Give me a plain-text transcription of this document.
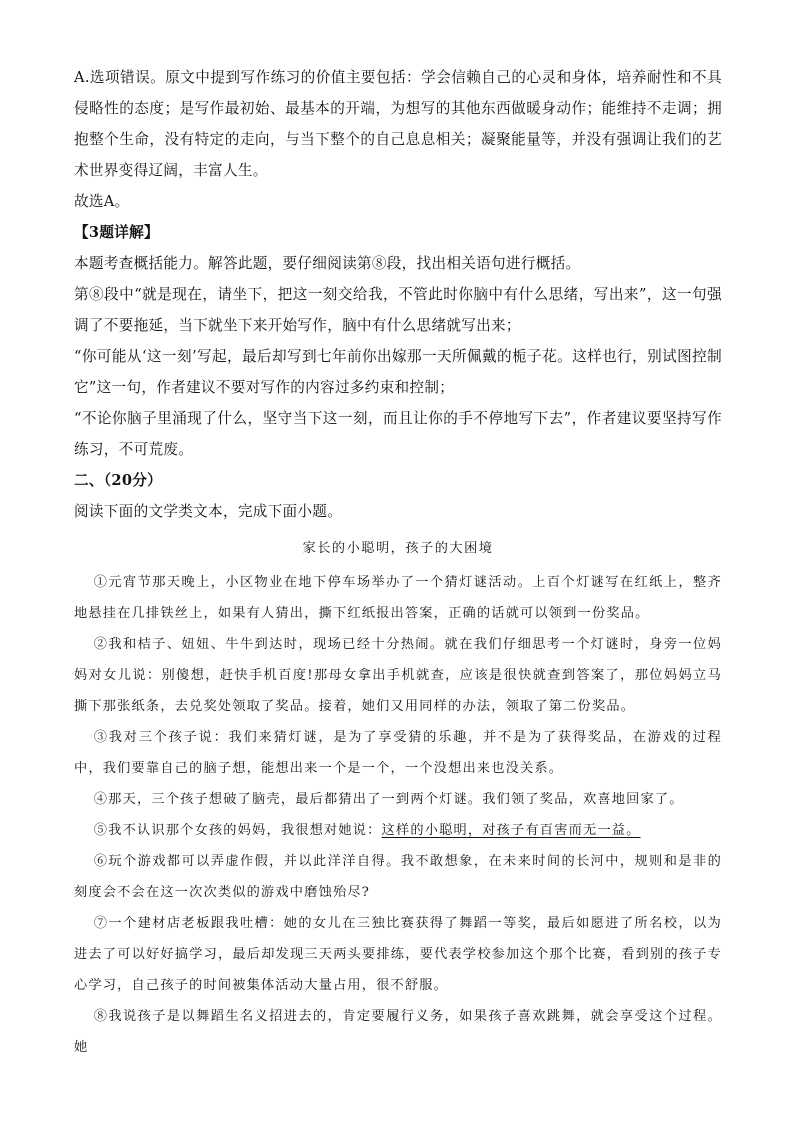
A.选项错误。原文中提到写作练习的价值主要包括：学会信赖自己的心灵和身体，培养耐性和不具侵略性的态度；是写作最初始、最基本的开端，为想写的其他东西做暖身动作；能维持不走调；拥抱整个生命，没有特定的走向，与当下整个的自己息息相关；凝聚能量等，并没有强调让我们的艺术世界变得辽阔，丰富人生。

故选A。

【3题详解】

本题考查概括能力。解答此题，要仔细阅读第⑧段，找出相关语句进行概括。

第⑧段中“就是现在，请坐下，把这一刻交给我，不管此时你脑中有什么思绪，写出来”，这一句强调了不要拖延，当下就坐下来开始写作，脑中有什么思绪就写出来；

“你可能从‘这一刻’写起，最后却写到七年前你出嫁那一天所佩戴的栀子花。这样也行，别试图控制它”这一句，作者建议不要对写作的内容过多约束和控制；

“不论你脑子里涌现了什么，坚守当下这一刻，而且让你的手不停地写下去”，作者建议要坚持写作练习，不可荒废。

二、（20分）

阅读下面的文学类文本，完成下面小题。

家长的小聪明，孩子的大困境

①元宵节那天晚上，小区物业在地下停车场举办了一个猜灯谜活动。上百个灯谜写在红纸上，整齐地悬挂在几排铁丝上，如果有人猜出，撕下红纸报出答案，正确的话就可以领到一份奖品。

②我和桔子、妞妞、牛牛到达时，现场已经十分热闹。就在我们仔细思考一个灯谜时，身旁一位妈妈对女儿说：别傻想，赶快手机百度!那母女拿出手机就查，应该是很快就查到答案了，那位妈妈立马撕下那张纸条，去兑奖处领取了奖品。接着，她们又用同样的办法，领取了第二份奖品。

③我对三个孩子说：我们来猜灯谜，是为了享受猜的乐趣，并不是为了获得奖品，在游戏的过程中，我们要靠自己的脑子想，能想出来一个是一个，一个没想出来也没关系。

④那天，三个孩子想破了脑壳，最后都猜出了一到两个灯谜。我们领了奖品，欢喜地回家了。

⑤我不认识那个女孩的妈妈，我很想对她说：这样的小聪明，对孩子有百害而无一益。

⑥玩个游戏都可以弄虚作假，并以此洋洋自得。我不敢想象，在未来时间的长河中，规则和是非的刻度会不会在这一次次类似的游戏中磨蚀殆尽?

⑦一个建材店老板跟我吐槽：她的女儿在三独比赛获得了舞蹈一等奖，最后如愿进了所名校，以为进去了可以好好搞学习，最后却发现三天两头要排练，要代表学校参加这个那个比赛，看到别的孩子专心学习，自己孩子的时间被集体活动大量占用，很不舒服。

⑧我说孩子是以舞蹈生名义招进去的，肯定要履行义务，如果孩子喜欢跳舞，就会享受这个过程。她
